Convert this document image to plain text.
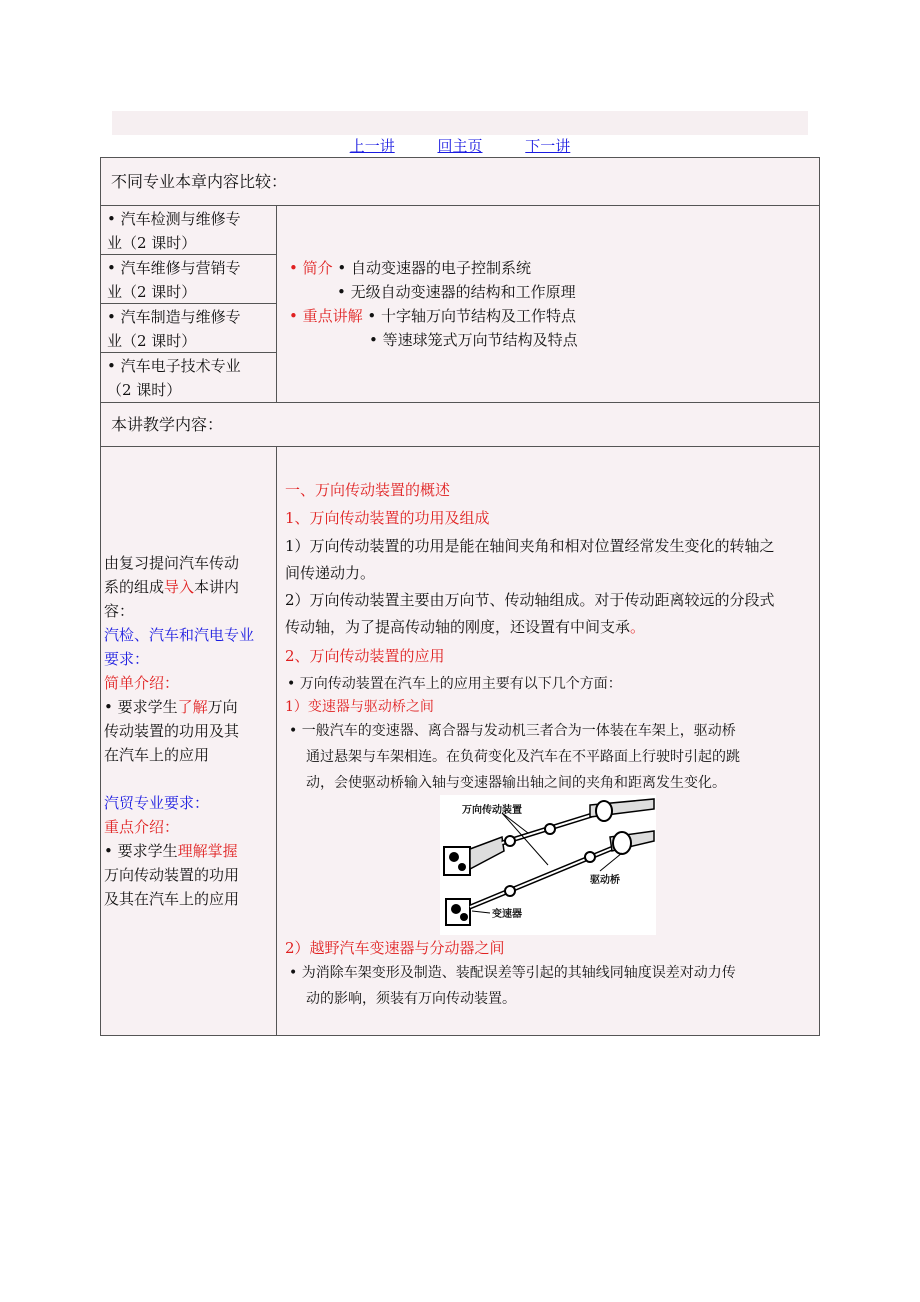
上一讲	回主页	下一讲
不同专业本章内容比较：
• 汽车检测与维修专
业（2 课时）
• 汽车维修与营销专
业（2 课时）
• 汽车制造与维修专
业（2 课时）
• 汽车电子技术专业
（2 课时）
• 简介 • 自动变速器的电子控制系统
• 无级自动变速器的结构和工作原理
• 重点讲解 • 十字轴万向节结构及工作特点
• 等速球笼式万向节结构及特点
本讲教学内容：
由复习提问汽车传动
系的组成导入本讲内
容：
汽检、汽车和汽电专业
要求：
简单介绍：
• 要求学生了解万向
传动装置的功用及其
在汽车上的应用
汽贸专业要求：
重点介绍：
• 要求学生理解掌握
万向传动装置的功用
及其在汽车上的应用
一、万向传动装置的概述
1、万向传动装置的功用及组成
1）万向传动装置的功用是能在轴间夹角和相对位置经常发生变化的转轴之
间传递动力。
2）万向传动装置主要由万向节、传动轴组成。对于传动距离较远的分段式
传动轴，为了提高传动轴的刚度，还设置有中间支承。
2、万向传动装置的应用
• 万向传动装置在汽车上的应用主要有以下几个方面：
1）变速器与驱动桥之间
• 一般汽车的变速器、离合器与发动机三者合为一体装在车架上，驱动桥
通过悬架与车架相连。在负荷变化及汽车在不平路面上行驶时引起的跳
动，会使驱动桥输入轴与变速器输出轴之间的夹角和距离发生变化。
2）越野汽车变速器与分动器之间
• 为消除车架变形及制造、装配误差等引起的其轴线同轴度误差对动力传
动的影响，须装有万向传动装置。
万向传动装置
驱动桥
变速器
